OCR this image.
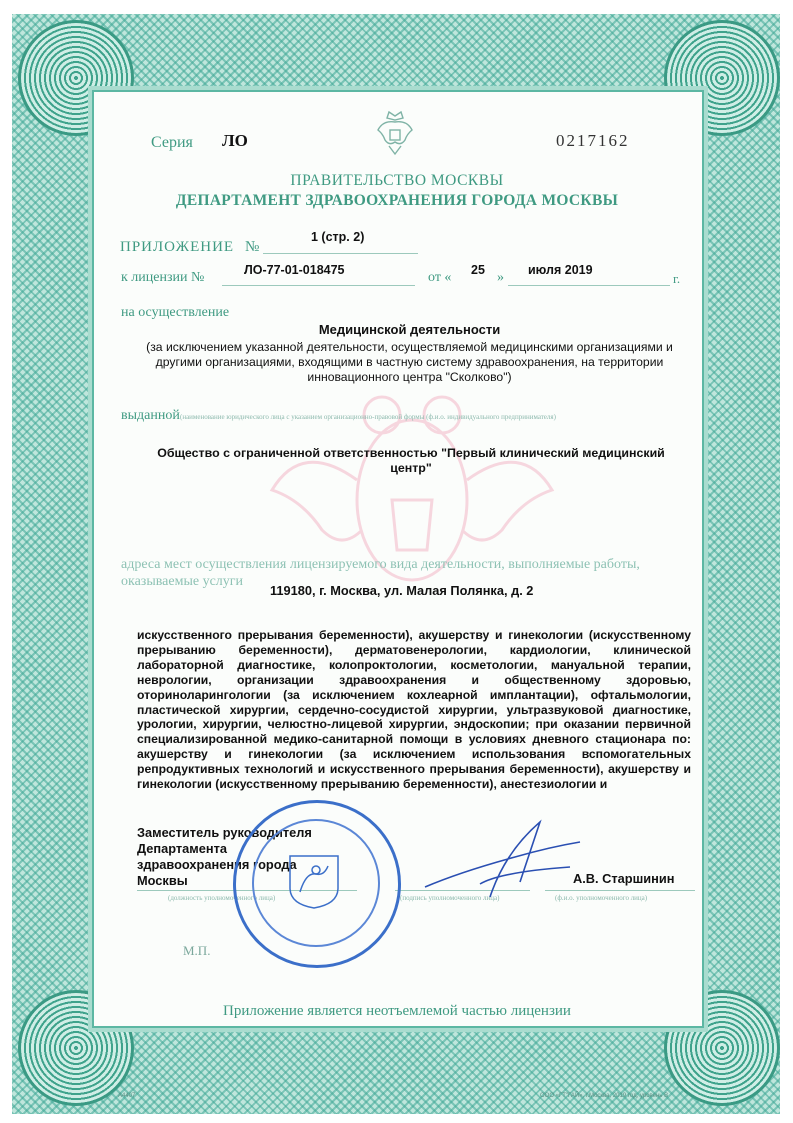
Серия ЛО	0217162
ПРАВИТЕЛЬСТВО МОСКВЫ
ДЕПАРТАМЕНТ ЗДРАВООХРАНЕНИЯ ГОРОДА МОСКВЫ
ПРИЛОЖЕНИЕ №
1 (стр. 2)
к лицензии №	ЛО-77-01-018475	от « 25 » июля 2019
г.
на осуществление
Медицинской деятельности
(за исключением указанной деятельности, осуществляемой медицинскими организациями и другими организациями, входящими в частную систему здравоохранения, на территории инновационного центра "Сколково")
выданной (наименование юридического лица с указанием организационно-правовой формы (ф.и.о. индивидуального предпринимателя)
Общество с ограниченной ответственностью "Первый клинический медицинский
центр"
адреса мест осуществления лицензируемого вида деятельности, выполняемые работы,
оказываемые услуги
119180, г. Москва, ул. Малая Полянка, д. 2
искусственного прерывания беременности), акушерству и гинекологии (искусственному прерыванию беременности), дерматовенерологии, кардиологии, клинической лабораторной диагностике, колопроктологии, косметологии, мануальной терапии, неврологии, организации здравоохранения и общественному здоровью, оториноларингологии (за исключением кохлеарной имплантации), офтальмологии, пластической хирургии, сердечно-сосудистой хирургии, ультразвуковой диагностике, урологии, хирургии, челюстно-лицевой хирургии, эндоскопии; при оказании первичной специализированной медико-санитарной помощи в условиях дневного стационара по: акушерству и гинекологии (за исключением использования вспомогательных репродуктивных технологий и искусственного прерывания беременности), акушерству и гинекологии (искусственному прерыванию беременности), анестезиологии и
Заместитель руководителя
Департамента
здравоохранения города
Москвы	А.В. Старшинин
(должность уполномоченного лица)	(подпись уполномоченного лица)	(ф.и.о. уполномоченного лица)
М.П.
Приложение является неотъемлемой частью лицензии
А4407	ООО «ГТ"ГАЙ», г.Москва, 2019 год, уровень В
